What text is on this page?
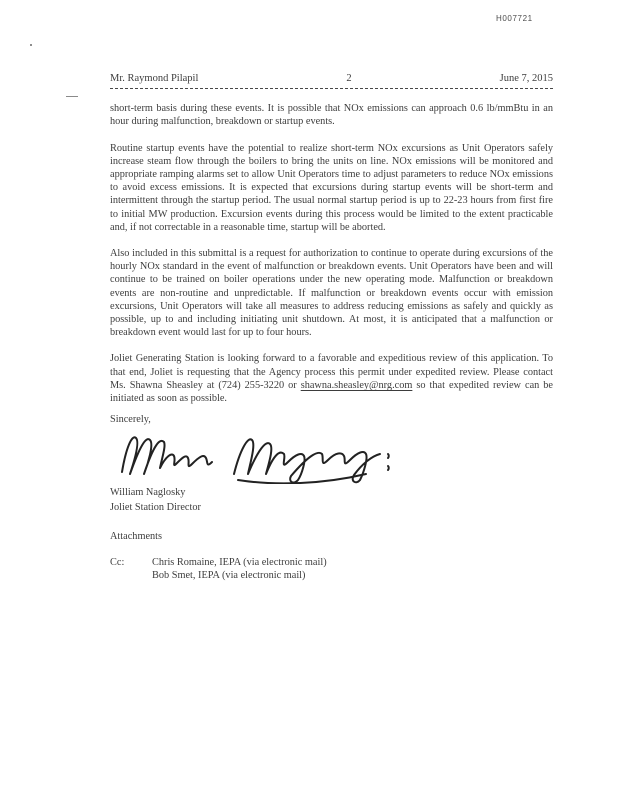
H007721
Mr. Raymond Pilapil	2	June 7, 2015

short-term basis during these events. It is possible that NOx emissions can approach 0.6 lb/mmBtu in an hour during malfunction, breakdown or startup events.

Routine startup events have the potential to realize short-term NOx excursions as Unit Operators safely increase steam flow through the boilers to bring the units on line. NOx emissions will be monitored and appropriate ramping alarms set to allow Unit Operators time to adjust parameters to reduce NOx emissions to avoid excess emissions. It is expected that excursions during startup events will be short-term and intermittent through the startup period. The usual normal startup period is up to 22-23 hours from first fire to initial MW production. Excursion events during this process would be limited to the extent practicable and, if not correctable in a reasonable time, startup will be aborted.

Also included in this submittal is a request for authorization to continue to operate during excursions of the hourly NOx standard in the event of malfunction or breakdown events. Unit Operators have been and will continue to be trained on boiler operations under the new operating mode. Malfunction or breakdown events are non-routine and unpredictable. If malfunction or breakdown events occur with emission excursions, Unit Operators will take all measures to address reducing emissions as safely and quickly as possible, up to and including initiating unit shutdown. At most, it is anticipated that a malfunction or breakdown event would last for up to four hours.

Joliet Generating Station is looking forward to a favorable and expeditious review of this application. To that end, Joliet is requesting that the Agency process this permit under expedited review. Please contact Ms. Shawna Sheasley at (724) 255-3220 or shawna.sheasley@nrg.com so that expedited review can be initiated as soon as possible.

Sincerely,
William Naglosky
Joliet Station Director
Attachments
Cc:	Chris Romaine, IEPA (via electronic mail)
Bob Smet, IEPA (via electronic mail)
